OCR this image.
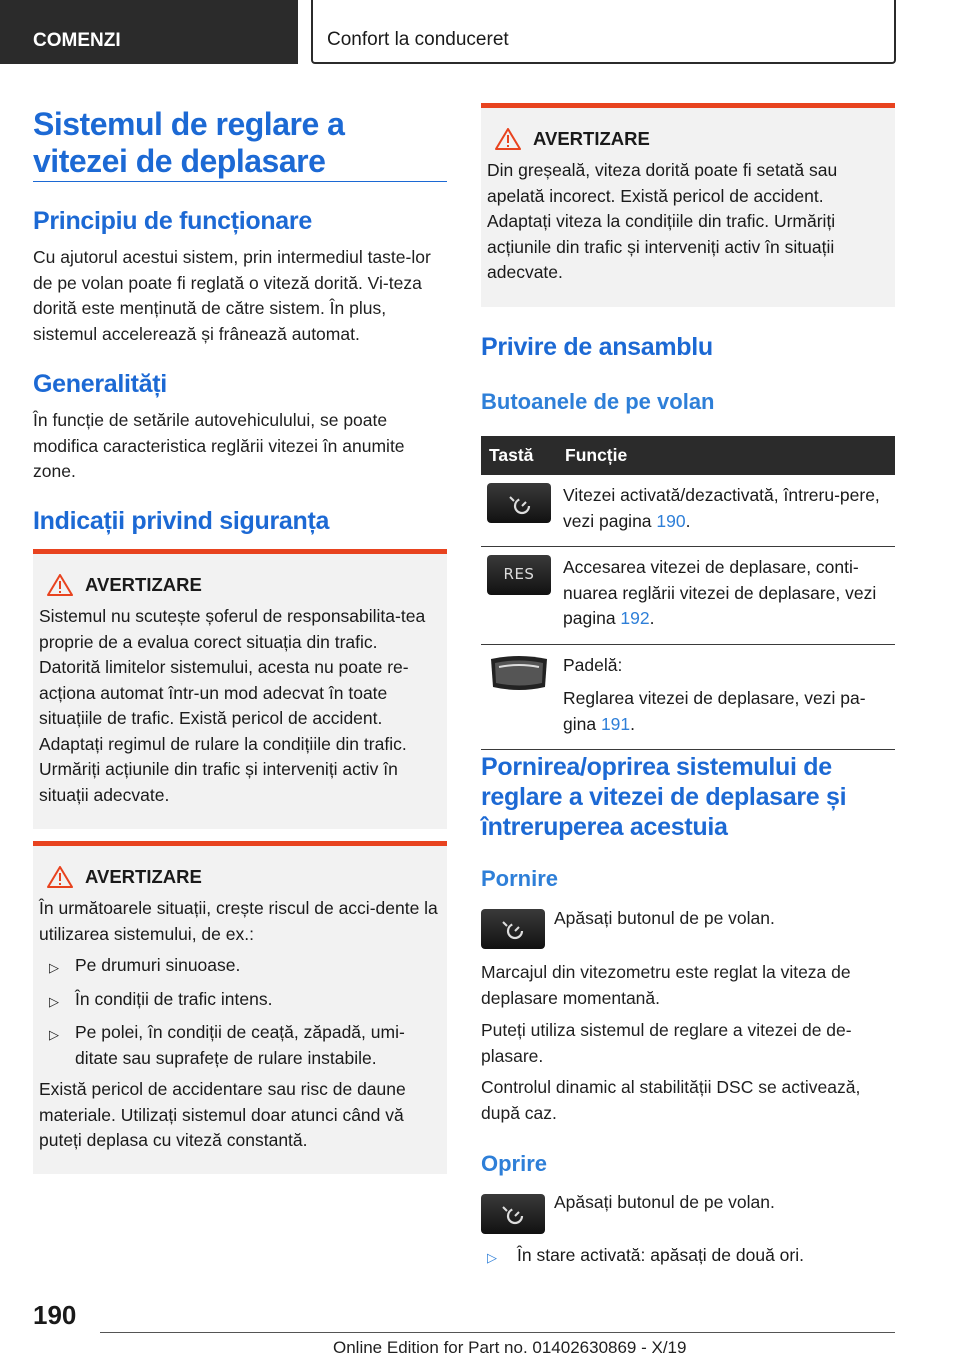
COMENZI	Confort la conduceret
Sistemul de reglare a vitezei de deplasare
Principiu de funcționare
Cu ajutorul acestui sistem, prin intermediul taste-lor de pe volan poate fi reglată o viteză dorită. Vi-teza dorită este menținută de către sistem. În plus, sistemul accelerează și frânează automat.
Generalități
În funcție de setările autovehiculului, se poate modifica caracteristica reglării vitezei în anumite zone.
Indicații privind siguranța
AVERTIZARE

Sistemul nu scutește șoferul de responsabilita-tea proprie de a evalua corect situația din trafic. Datorită limitelor sistemului, acesta nu poate re-acționa automat într-un mod adecvat în toate situațiile de trafic. Există pericol de accident. Adaptați regimul de rulare la condițiile din trafic. Urmăriți acțiunile din trafic și interveniți activ în situații adecvate.

AVERTIZARE

În următoarele situații, crește riscul de acci-dente la utilizarea sistemului, de ex.:

▷ Pe drumuri sinuoase.
▷ În condiții de trafic intens.
▷ Pe polei, în condiții de ceață, zăpadă, umi-ditate sau suprafețe de rulare instabile.

Există pericol de accidentare sau risc de daune materiale. Utilizați sistemul doar atunci când vă puteți deplasa cu viteză constantă.

AVERTIZARE

Din greșeală, viteza dorită poate fi setată sau apelată incorect. Există pericol de accident. Adaptați viteza la condițiile din trafic. Urmăriți acțiunile din trafic și interveniți activ în situații adecvate.

Privire de ansamblu
Butoanele de pe volan
Tastă	Funcție

	Vitezei activată/dezactivată, întreru-pere, vezi pagina 190.

RES	Accesarea vitezei de deplasare, conti-nuarea reglării vitezei de deplasare, vezi pagina 192.

Padelă:
Reglarea vitezei de deplasare, vezi pa-gina 191.
Pornirea/oprirea sistemului de reglare a vitezei de deplasare și întreruperea acestuia
Pornire
Apăsați butonul de pe volan.
Marcajul din vitezometru este reglat la viteza de deplasare momentană.
Puteți utiliza sistemul de reglare a vitezei de de-plasare.
Controlul dinamic al stabilității DSC se activează, după caz.
Oprire
Apăsați butonul de pe volan.
▷	În stare activată: apăsați de două ori.
190
Online Edition for Part no. 01402630869 - X/19
